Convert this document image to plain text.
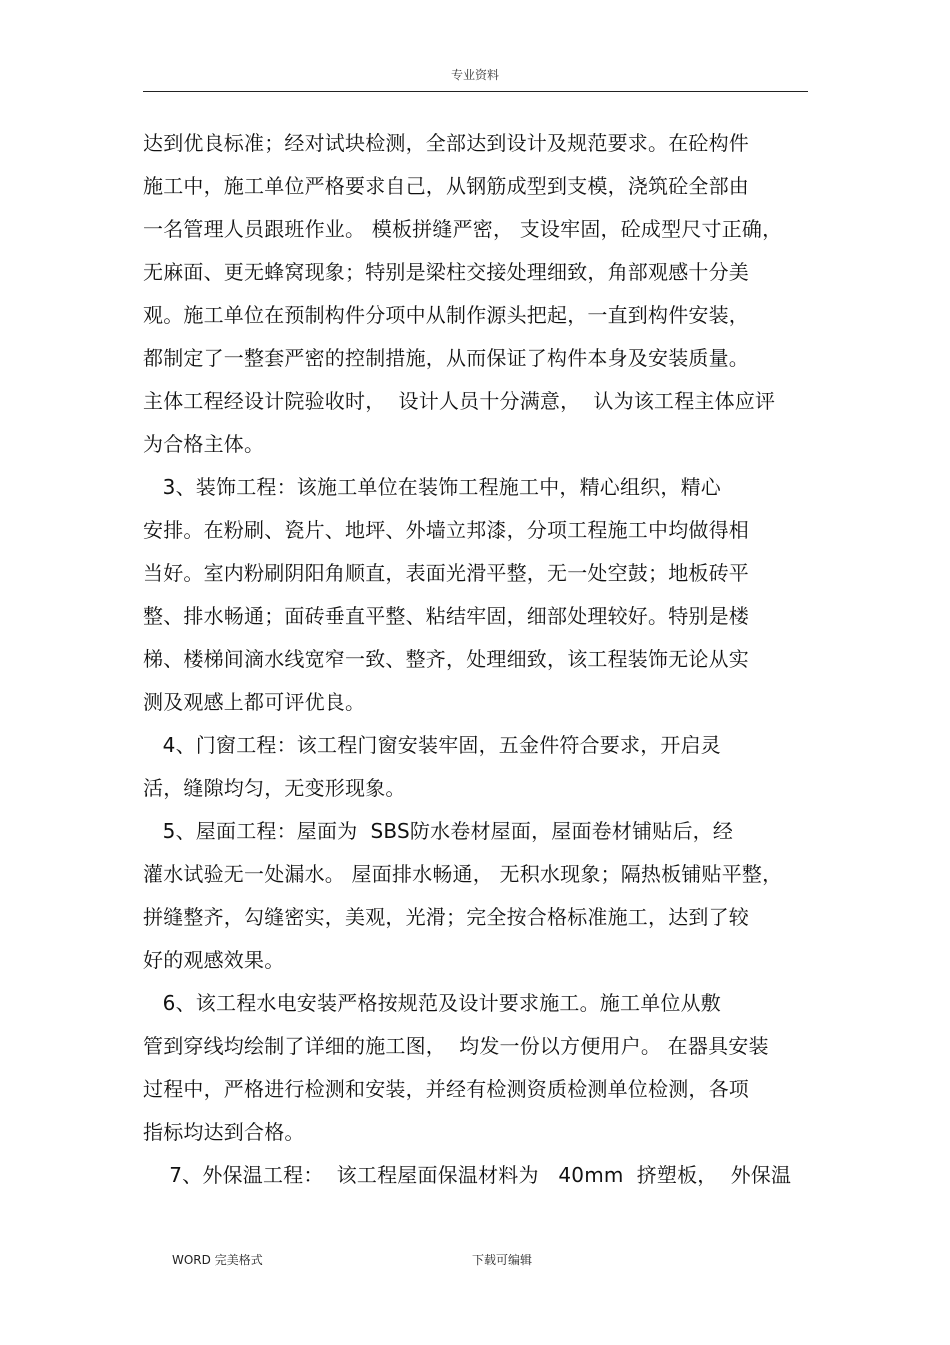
专业资料
达到优良标准；经对试块检测，全部达到设计及规范要求。在砼构件
施工中，施工单位严格要求自己，从钢筋成型到支模，浇筑砼全部由
一名管理人员跟班作业。 模板拼缝严密， 支设牢固，砼成型尺寸正确，
无麻面、更无蜂窝现象；特别是梁柱交接处理细致，角部观感十分美
观。施工单位在预制构件分项中从制作源头把起，一直到构件安装，
都制定了一整套严密的控制措施，从而保证了构件本身及安装质量。
主体工程经设计院验收时，  设计人员十分满意，  认为该工程主体应评
为合格主体。
3、装饰工程：该施工单位在装饰工程施工中，精心组织，精心
安排。在粉刷、瓷片、地坪、外墙立邦漆，分项工程施工中均做得相
当好。室内粉刷阴阳角顺直，表面光滑平整，无一处空鼓；地板砖平
整、排水畅通；面砖垂直平整、粘结牢固，细部处理较好。特别是楼
梯、楼梯间滴水线宽窄一致、整齐，处理细致，该工程装饰无论从实
测及观感上都可评优良。
4、门窗工程：该工程门窗安装牢固，五金件符合要求，开启灵
活，缝隙均匀，无变形现象。
5、屋面工程：屋面为  SBS防水卷材屋面，屋面卷材铺贴后，经
灌水试验无一处漏水。 屋面排水畅通， 无积水现象；隔热板铺贴平整，
拼缝整齐，勾缝密实，美观，光滑；完全按合格标准施工，达到了较
好的观感效果。
6、该工程水电安装严格按规范及设计要求施工。施工单位从敷
管到穿线均绘制了详细的施工图，  均发一份以方便用户。 在器具安装
过程中，严格进行检测和安装，并经有检测资质检测单位检测，各项
指标均达到合格。
7、外保温工程：  该工程屋面保温材料为   40mm  挤塑板，  外保温
WORD 完美格式	下载可编辑
